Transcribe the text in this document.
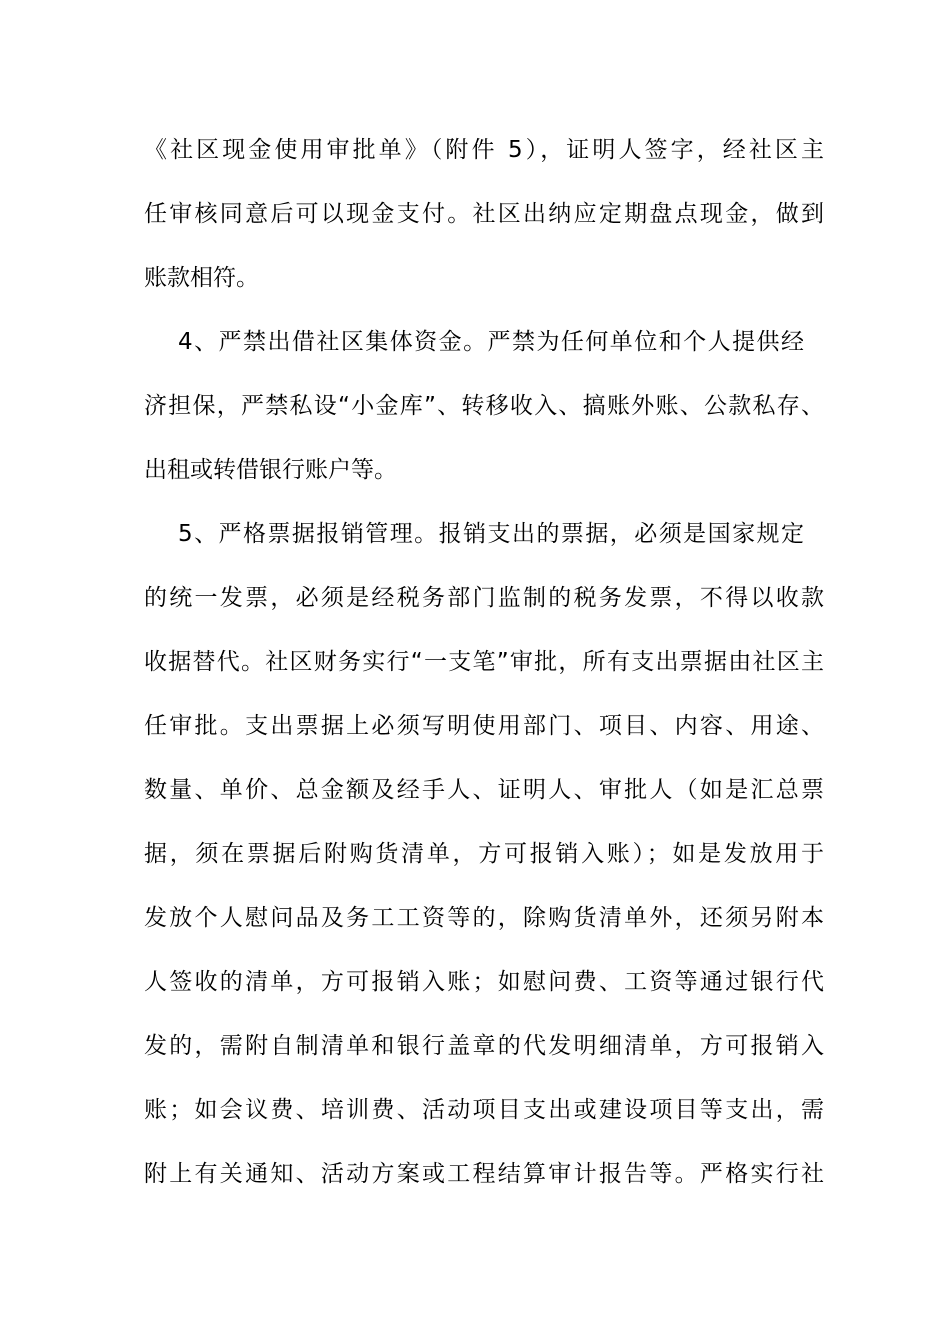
《社区现金使用审批单》（附件 5），证明人签字，经社区主
任审核同意后可以现金支付。社区出纳应定期盘点现金，做到
账款相符。
4、严禁出借社区集体资金。严禁为任何单位和个人提供经
济担保，严禁私设“小金库”、转移收入、搞账外账、公款私存、
出租或转借银行账户等。
5、严格票据报销管理。报销支出的票据，必须是国家规定
的统一发票，必须是经税务部门监制的税务发票，不得以收款
收据替代。社区财务实行“一支笔”审批，所有支出票据由社区主
任审批。支出票据上必须写明使用部门、项目、内容、用途、
数量、单价、总金额及经手人、证明人、审批人（如是汇总票
据，须在票据后附购货清单，方可报销入账）；如是发放用于
发放个人慰问品及务工工资等的，除购货清单外，还须另附本
人签收的清单，方可报销入账；如慰问费、工资等通过银行代
发的，需附自制清单和银行盖章的代发明细清单，方可报销入
账；如会议费、培训费、活动项目支出或建设项目等支出，需
附上有关通知、活动方案或工程结算审计报告等。严格实行社
